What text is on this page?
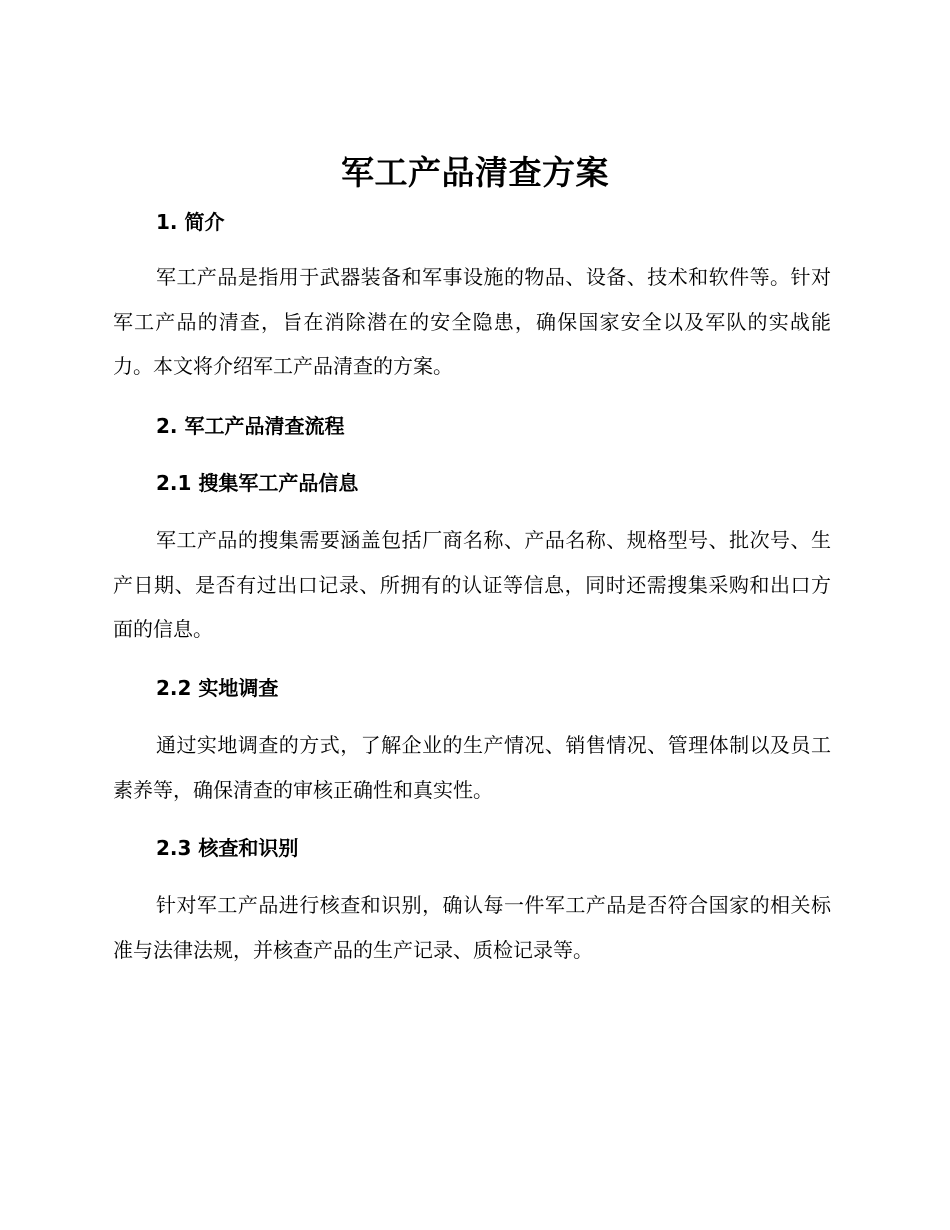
军工产品清查方案
1. 简介

军工产品是指用于武器装备和军事设施的物品、设备、技术和软件等。针对军工产品的清查，旨在消除潜在的安全隐患，确保国家安全以及军队的实战能力。本文将介绍军工产品清查的方案。

2. 军工产品清查流程
2.1 搜集军工产品信息

军工产品的搜集需要涵盖包括厂商名称、产品名称、规格型号、批次号、生产日期、是否有过出口记录、所拥有的认证等信息，同时还需搜集采购和出口方面的信息。

2.2 实地调查

通过实地调查的方式，了解企业的生产情况、销售情况、管理体制以及员工素养等，确保清查的审核正确性和真实性。

2.3 核查和识别

针对军工产品进行核查和识别，确认每一件军工产品是否符合国家的相关标准与法律法规，并核查产品的生产记录、质检记录等。
